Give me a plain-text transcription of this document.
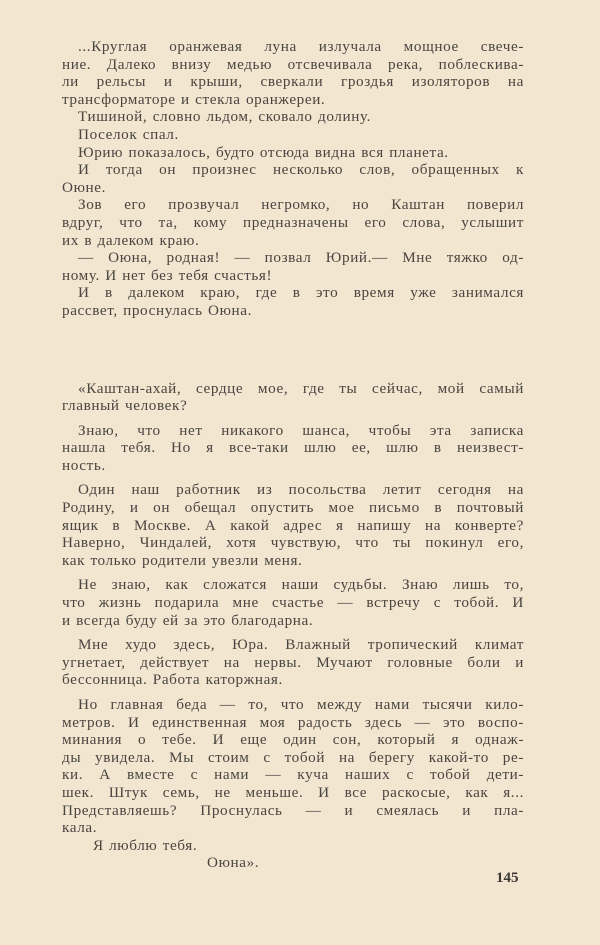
...Круглая оранжевая луна излучала мощное свече-
ние. Далеко внизу медью отсвечивала река, поблескива-
ли рельсы и крыши, сверкали гроздья изоляторов на
трансформаторе и стекла оранжереи.
Тишиной, словно льдом, сковало долину.
Поселок спал.
Юрию показалось, будто отсюда видна вся планета.
И тогда он произнес несколько слов, обращенных к
Оюне.
Зов его прозвучал негромко, но Каштан поверил
вдруг, что та, кому предназначены его слова, услышит
их в далеком краю.
— Оюна, родная! — позвал Юрий.— Мне тяжко од-
ному. И нет без тебя счастья!
И в далеком краю, где в это время уже занимался
рассвет, проснулась Оюна.
«Каштан-ахай, сердце мое, где ты сейчас, мой самый
главный человек?
Знаю, что нет никакого шанса, чтобы эта записка
нашла тебя. Но я все-таки шлю ее, шлю в неизвест-
ность.
Один наш работник из посольства летит сегодня на
Родину, и он обещал опустить мое письмо в почтовый
ящик в Москве. А какой адрес я напишу на конверте?
Наверно, Чиндалей, хотя чувствую, что ты покинул его,
как только родители увезли меня.
Не знаю, как сложатся наши судьбы. Знаю лишь то,
что жизнь подарила мне счастье — встречу с тобой. И
и всегда буду ей за это благодарна.
Мне худо здесь, Юра. Влажный тропический климат
угнетает, действует на нервы. Мучают головные боли и
бессонница. Работа каторжная.
Но главная беда — то, что между нами тысячи кило-
метров. И единственная моя радость здесь — это воспо-
минания о тебе. И еще один сон, который я однаж-
ды увидела. Мы стоим с тобой на берегу какой-то ре-
ки. А вместе с нами — куча наших с тобой дети-
шек. Штук семь, не меньше. И все раскосые, как я...
Представляешь? Проснулась — и смеялась и пла-
кала.
Я люблю тебя.
Оюна».
145
